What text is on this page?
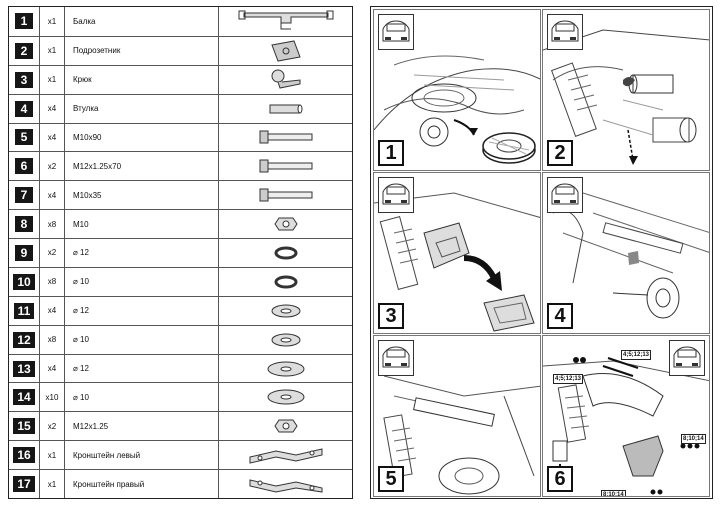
1	x1	Балка
2	x1	Подрозетник
3	x1	Крюк
4	x4	Втулка
5	x4	M10x90
6	x2	M12x1.25x70
7	x4	M10x35
8	x8	M10
9	x2	⌀ 12
10	x8	⌀ 10
11	x4	⌀ 12
12	x8	⌀ 10
13	x4	⌀ 12
14	x10	⌀ 10
15	x2	M12x1.25
16	x1	Кронштейн левый
17	x1	Кронштейн правый
1	2
3	4
5
4;5;12;13
4;5;12;13
8;10;14
8;10;14
6
